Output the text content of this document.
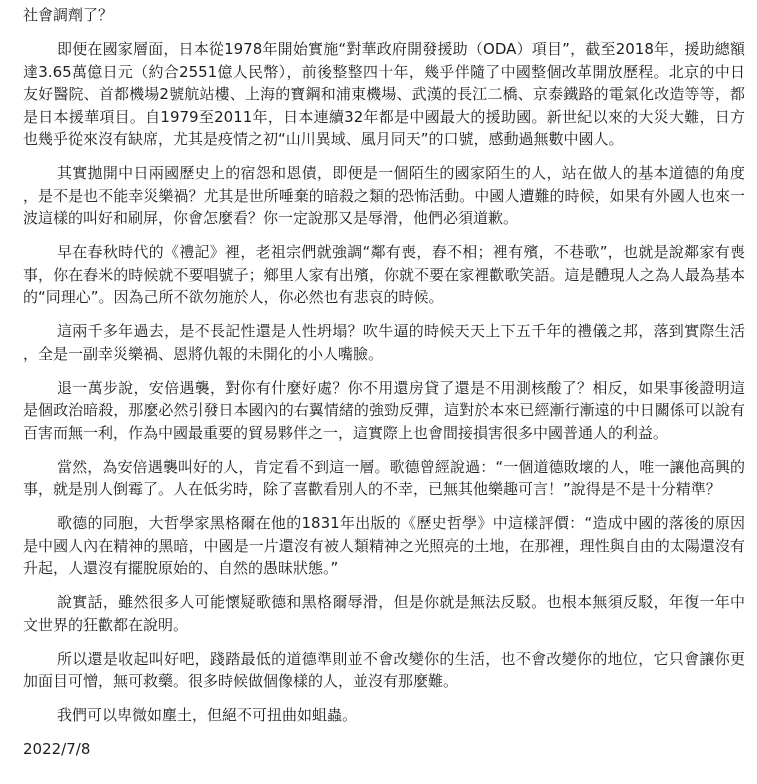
社會調劑了？

即便在國家層面，日本從1978年開始實施“對華政府開發援助（ODA）項目”，截至2018年，援助總額達3.65萬億日元（約合2551億人民幣），前後整整四十年，幾乎伴隨了中國整個改革開放歷程。北京的中日友好醫院、首都機場2號航站樓、上海的寶鋼和浦東機場、武漢的長江二橋、京泰鐵路的電氣化改造等等，都是日本援華項目。自1979至2011年，日本連續32年都是中國最大的援助國。新世紀以來的大災大難，日方也幾乎從來沒有缺席，尤其是疫情之初“山川異域、風月同天”的口號，感動過無數中國人。

其實拋開中日兩國歷史上的宿怨和恩債，即便是一個陌生的國家陌生的人，站在做人的基本道德的角度，是不是也不能幸災樂禍？尤其是世所唾棄的暗殺之類的恐怖活動。中國人遭難的時候，如果有外國人也來一波這樣的叫好和刷屏，你會怎麼看？你一定說那又是辱滑，他們必須道歉。

早在春秋時代的《禮記》裡，老祖宗們就強調“鄰有喪，舂不相；裡有殯，不巷歌”，也就是說鄰家有喪事，你在舂米的時候就不要唱號子；鄉里人家有出殯，你就不要在家裡歡歌笑語。這是體現人之為人最為基本的“同理心”。因為己所不欲勿施於人，你必然也有悲哀的時候。

這兩千多年過去，是不長記性還是人性坍塌？吹牛逼的時候天天上下五千年的禮儀之邦，落到實際生活，全是一副幸災樂禍、恩將仇報的未開化的小人嘴臉。

退一萬步說，安倍遇襲，對你有什麼好處？你不用還房貸了還是不用測核酸了？相反，如果事後證明這是個政治暗殺，那麼必然引發日本國內的右翼情緒的強勁反彈，這對於本來已經漸行漸遠的中日關係可以說有百害而無一利，作為中國最重要的貿易夥伴之一，這實際上也會間接損害很多中國普通人的利益。

當然，為安倍遇襲叫好的人，肯定看不到這一層。歌德曾經說過：“一個道德敗壞的人，唯一讓他高興的事，就是別人倒霉了。人在低劣時，除了喜歡看別人的不幸，已無其他樂趣可言！”說得是不是十分精準？

歌德的同胞，大哲學家黑格爾在他的1831年出版的《歷史哲學》中這樣評價：“造成中國的落後的原因是中國人內在精神的黑暗，中國是一片還沒有被人類精神之光照亮的土地，在那裡，理性與自由的太陽還沒有升起，人還沒有擺脫原始的、自然的愚昧狀態。”

說實話，雖然很多人可能懷疑歌德和黑格爾辱滑，但是你就是無法反駁。也根本無須反駁，年復一年中文世界的狂歡都在說明。

所以還是收起叫好吧，踐踏最低的道德準則並不會改變你的生活，也不會改變你的地位，它只會讓你更加面目可憎，無可救藥。很多時候做個像樣的人，並沒有那麼難。

我們可以卑微如塵土，但絕不可扭曲如蛆蟲。

2022/7/8
